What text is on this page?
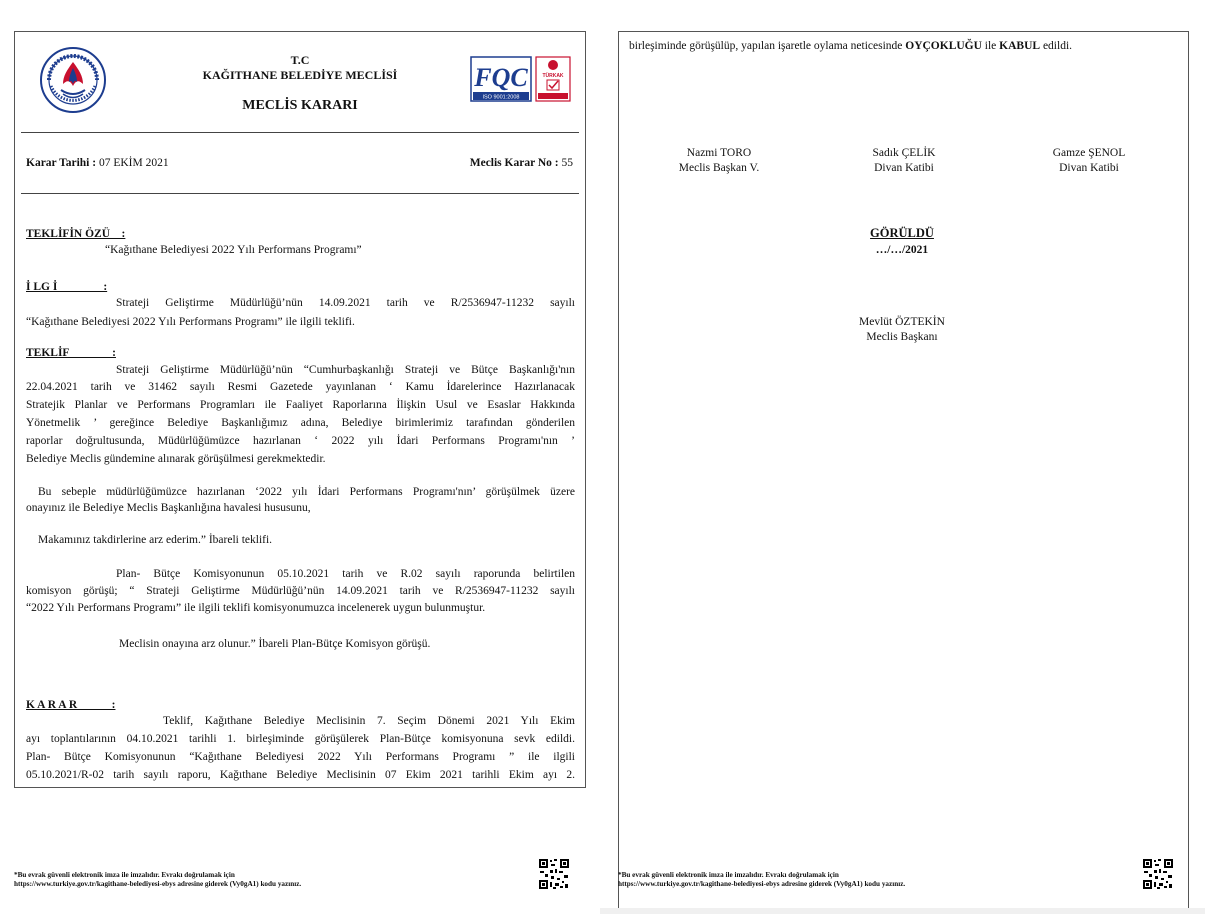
T.C
KAĞITHANE BELEDİYE MECLİSİ
MECLİS KARARI
FQC
ISO 9001:2008
TÜRKAK
Karar Tarihi : 07 EKİM 2021	Meclis Karar No : 55
TEKLİFİN ÖZÜ    :
“Kağıthane Belediyesi 2022 Yılı Performans Programı”
İ LG İ                :
Strateji Geliştirme Müdürlüğü’nün 14.09.2021 tarih ve R/2536947-11232 sayılı
“Kağıthane Belediyesi 2022 Yılı Performans Programı” ile ilgili teklifi.
TEKLİF               :
Strateji Geliştirme Müdürlüğü’nün “Cumhurbaşkanlığı Strateji ve Bütçe Başkanlığı'nın
22.04.2021 tarih ve 31462 sayılı Resmi Gazetede yayınlanan ‘ Kamu İdarelerince Hazırlanacak
Stratejik Planlar ve Performans Programları ile Faaliyet Raporlarına İlişkin Usul ve Esaslar Hakkında
Yönetmelik ’ gereğince Belediye Başkanlığımız adına, Belediye birimlerimiz tarafından gönderilen
raporlar doğrultusunda, Müdürlüğümüzce hazırlanan ‘ 2022 yılı İdari Performans Programı'nın ’
Belediye Meclis gündemine alınarak görüşülmesi gerekmektedir.
Bu sebeple müdürlüğümüzce hazırlanan ‘2022 yılı İdari Performans Programı'nın’ görüşülmek üzere
onayınız ile Belediye Meclis Başkanlığına havalesi hususunu,
Makamınız takdirlerine arz ederim.” İbareli teklifi.
Plan- Bütçe Komisyonunun 05.10.2021 tarih ve R.02 sayılı raporunda belirtilen
komisyon görüşü; “ Strateji Geliştirme Müdürlüğü’nün 14.09.2021 tarih ve R/2536947-11232 sayılı
“2022 Yılı Performans Programı” ile ilgili teklifi komisyonumuzca incelenerek uygun bulunmuştur.
Meclisin onayına arz olunur.” İbareli Plan-Bütçe Komisyon görüşü.
K A R A R            :
Teklif, Kağıthane Belediye Meclisinin 7. Seçim Dönemi 2021 Yılı Ekim
ayı toplantılarının 04.10.2021 tarihli 1. birleşiminde görüşülerek Plan-Bütçe komisyonuna sevk edildi.
Plan- Bütçe Komisyonunun “Kağıthane Belediyesi 2022 Yılı Performans Programı ” ile ilgili
05.10.2021/R-02 tarih sayılı raporu, Kağıthane Belediye Meclisinin 07 Ekim 2021 tarihli Ekim ayı 2.
*Bu evrak güvenli elektronik imza ile imzalıdır. Evrakı doğrulamak için
https://www.turkiye.gov.tr/kagithane-belediyesi-ebys adresine giderek (Vy0gA1) kodu yazınız.
birleşiminde görüşülüp, yapılan işaretle oylama neticesinde OYÇOKLUĞU ile KABUL edildi.
Nazmi TORO
Meclis Başkan V.
Sadık ÇELİK
Divan Katibi
Gamze ŞENOL
Divan Katibi
GÖRÜLDÜ
…/…/2021
Mevlüt ÖZTEKİN
Meclis Başkanı
*Bu evrak güvenli elektronik imza ile imzalıdır. Evrakı doğrulamak için
https://www.turkiye.gov.tr/kagithane-belediyesi-ebys adresine giderek (Vy0gA1) kodu yazınız.
